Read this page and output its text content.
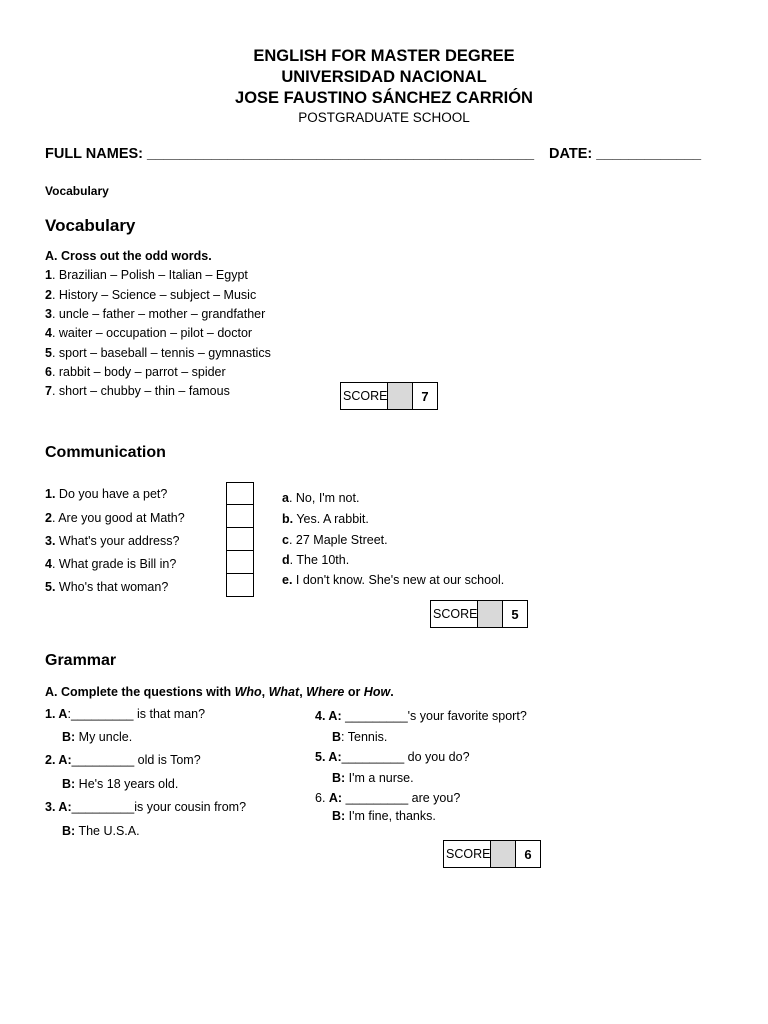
ENGLISH FOR MASTER DEGREE
UNIVERSIDAD NACIONAL
JOSE FAUSTINO SÁNCHEZ CARRIÓN
POSTGRADUATE SCHOOL
FULL NAMES: ________________________________________________ DATE: _____________
Vocabulary
Vocabulary
A. Cross out the odd words.
1. Brazilian – Polish – Italian – Egypt
2. History – Science – subject – Music
3. uncle – father – mother – grandfather
4. waiter – occupation – pilot – doctor
5. sport – baseball – tennis – gymnastics
6. rabbit – body – parrot – spider
7. short – chubby – thin – famous	SCORE	7
Communication
1. Do you have a pet?
2. Are you good at Math?
3. What's your address?
4. What grade is Bill in?
5. Who's that woman?
a. No, I'm not.
b. Yes. A rabbit.
c. 27 Maple Street.
d. The 10th.
e. I don't know. She's new at our school.
SCORE	5
Grammar
A. Complete the questions with Who, What, Where or How.
1. A:_________ is that man?
B: My uncle.
2. A:_________ old is Tom?
B: He's 18 years old.
3. A:_________is your cousin from?
B: The U.S.A.
4. A: _________'s your favorite sport?
B: Tennis.
5. A:_________ do you do?
B: I'm a nurse.
6. A: _________ are you?
B: I'm fine, thanks.
SCORE	6
